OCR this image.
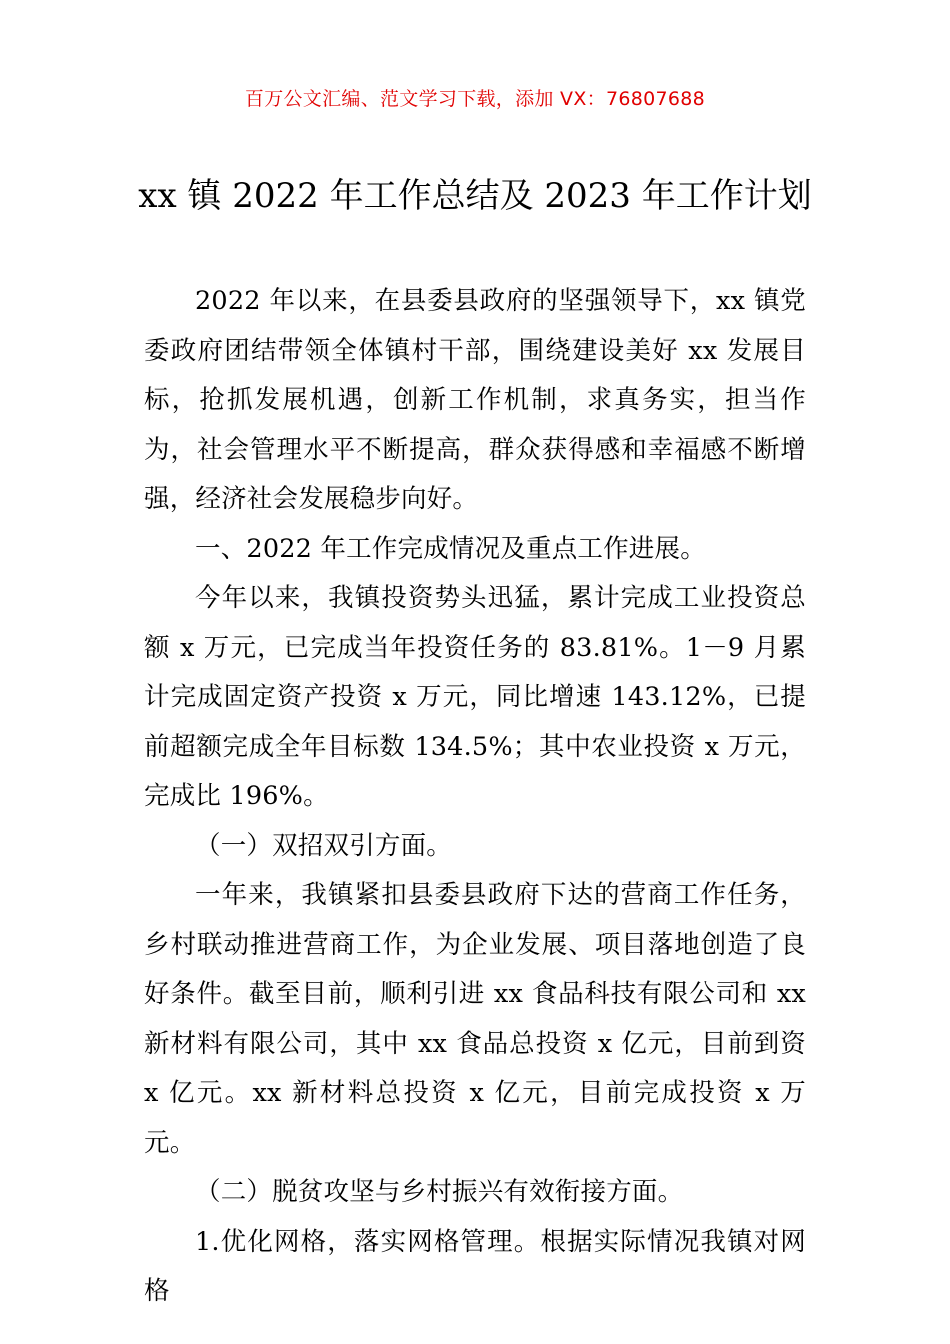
百万公文汇编、范文学习下载，添加 VX：76807688
xx 镇 2022 年工作总结及 2023 年工作计划

2022 年以来，在县委县政府的坚强领导下，xx 镇党委政府团结带领全体镇村干部，围绕建设美好 xx 发展目标，抢抓发展机遇，创新工作机制，求真务实，担当作为，社会管理水平不断提高，群众获得感和幸福感不断增强，经济社会发展稳步向好。

一、2022 年工作完成情况及重点工作进展。

今年以来，我镇投资势头迅猛，累计完成工业投资总额 x 万元，已完成当年投资任务的 83.81%。1－9 月累计完成固定资产投资 x 万元，同比增速 143.12%，已提前超额完成全年目标数 134.5%；其中农业投资 x 万元，完成比 196%。

（一）双招双引方面。

一年来，我镇紧扣县委县政府下达的营商工作任务，乡村联动推进营商工作，为企业发展、项目落地创造了良好条件。截至目前，顺利引进 xx 食品科技有限公司和 xx 新材料有限公司，其中 xx 食品总投资 x 亿元，目前到资 x 亿元。xx 新材料总投资 x 亿元，目前完成投资 x 万元。

（二）脱贫攻坚与乡村振兴有效衔接方面。

1.优化网格，落实网格管理。根据实际情况我镇对网格
